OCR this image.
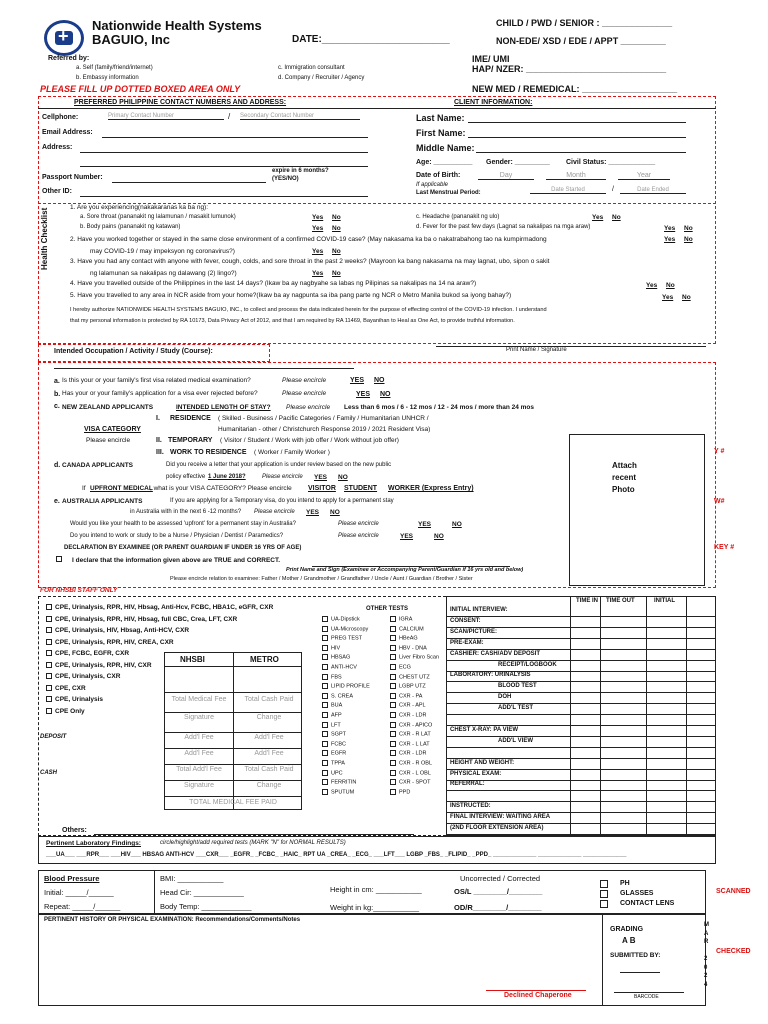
+
Nationwide Health Systems
BAGUIO, Inc	DATE:_______________________
CHILD / PWD / SENIOR : ______________
NON-EDE/ XSD / EDE / APPT _________
IME/ UMI
HAP/ NZER: ____________________________
NEW MED / REMEDICAL: ___________________
Referred by:
a. Self (family/friend/internet)
b. Embassy information
c. Immigration consultant
d. Company / Recruiter / Agency
PLEASE FILL UP DOTTED BOXED AREA ONLY
PREFERRED PHILIPPINE CONTACT NUMBERS AND ADDRESS:	CLIENT INFORMATION:
Cellphone:	Primary Contact Number	/ Secondary Contact Number
Email Address:
Address:
Passport Number:
expire in 6 months?
(YES/NO)
Other ID:
Last Name:
First Name:
Middle Name:
Age: __________ Gender: _________ Civil Status: ____________
Date of Birth:	Day	Month	Year
If applicable
Last Menstrual Period:	Date Started	/	Date Ended
Health Checklist
1. Are you experiencing(nakakaranas ka ba ng):
a. Sore throat (pananakit ng lalamunan / masakit lumunok)	Yes No	c. Headache (pananakit ng ulo)	Yes No
b. Body pains (pananakit ng katawan)	Yes No	d. Fever for the past few days (Lagnat sa nakalipas na mga araw)	Yes No
2. Have you worked together or stayed in the same close environment of a confirmed COVID-19 case? (May nakasama ka ba o nakatrabahong tao na kumpirmadong	Yes No
may COVID-19 / may impeksyon ng coronavirus?)	Yes No
3. Have you had any contact with anyone with fever, cough, colds, and sore throat in the past 2 weeks? (Mayroon ka bang nakasama na may lagnat, ubo, sipon o sakit
ng lalamunan sa nakalipas ng dalawang (2) lingo?)	Yes No
4. Have you travelled outside of the Philippines in the last 14 days? (Ikaw ba ay nagbyahe sa labas ng Pilipinas sa nakalipas na 14 na araw?)	Yes No
5. Have you travelled to any area in NCR aside from your home?(Ikaw ba ay nagpunta sa iba pang parte ng NCR o Metro Manila bukod sa iyong bahay?)	Yes No
I hereby authorize NATIONWIDE HEALTH SYSTEMS BAGUIO, INC., to collect and process the data indicated herein for the purpose of effecting control of the COVID-19 infection. I understand
that my personal information is protected by RA 10173, Data Privacy Act of 2012, and that I am required by RA 11469, Bayanihan to Heal as One Act, to provide truthful information.
Print Name / Signature
Intended Occupation / Activity / Study (Course):
a. Is this your or your family's first visa related medical examination?	Please encircle	YES NO
b. Has your or your family's application for a visa ever rejected before?	Please encircle	YES NO
c. NEW ZEALAND APPLICANTS	INTENDED LENGTH OF STAY? Please encircle Less than 6 mos / 6 - 12 mos / 12 - 24 mos / more than 24 mos
I. RESIDENCE ( Skilled - Business / Pacific Categories / Family / Humanitarian UNHCR /
Humanitarian - other / Christchurch Response 2019 / 2021 Resident Visa)
VISA CATEGORY
Please encircle	II. TEMPORARY ( Visitor / Student / Work with job offer / Work without job offer)
III. WORK TO RESIDENCE ( Worker / Family Worker )
d. CANADA APPLICANTS	Did you receive a letter that your application is under review based on the new public
policy effective 1 June 2018?	Please encircle YES NO
If UPFRONT MEDICAL
, what is your VISA CATEGORY? Please encircle VISITOR STUDENT WORKER (Express Entry)
e. AUSTRALIA APPLICANTS	If you are applying for a Temporary visa, do you intend to apply for a permanent stay
in Australia with in the next 6 -12 months? Please encircle YES NO
Would you like your health to be assessed 'upfront' for a permanent stay in Australia?	Please encircle	YES	NO
Do you intend to work or study to be a Nurse / Physician / Dentist / Paramedics?	Please encircle	YES	NO
DECLARATION BY EXAMINEE (OR PARENT GUARDIAN IF UNDER 16 YRS OF AGE)
I declare that the information given above are TRUE and CORRECT.
Print Name and Sign (Examinee or Accompanying Parent/Guardian if 16 yrs old and below)
Please encircle relation to examinee: Father / Mother / Grandmother / Grandfather / Uncle / Aunt / Guardian / Brother / Sister
Attach
recent
Photo
Y #
W#
KEY #
FOR NHSBI STAFF ONLY
CPE, Urinalysis, RPR, HIV, Hbsag, Anti-Hcv, FCBC, HBA1C, eGFR, CXR
CPE, Urinalysis, RPR, HIV, Hbsag, full CBC, Crea, LFT, CXR
CPE, Urinalysis, HIV, Hbsag, Anti-HCV, CXR
CPE, Urinalysis, RPR, HIV, CREA, CXR
CPE, FCBC, EGFR, CXR
CPE, Urinalysis, RPR, HIV, CXR
CPE, Urinalysis, CXR
CPE, CXR
CPE, Urinalysis
CPE Only
OTHER TESTS
UA-Dipstick
UA-Microscopy
PREG TEST
HIV
HBSAG
ANTI-HCV
FBS
LIPID PROFILE
S. CREA
BUA
AFP
LFT
SGPT
FCBC
EGFR
TPPA
UPC
FERRITIN
SPUTUM
IGRA
CALCIUM
HBeAG
HBV - DNA
Liver Fibro Scan
ECG
CHEST UTZ
LGBP UTZ
CXR - PA
CXR - APL
CXR - LDR
CXR - APICO
CXR - R LAT
CXR - L LAT
CXR - LDR
CXR - R OBL
CXR - L OBL
CXR - SPOT
PPD
NHSBI	METRO
Total Medical Fee	Total Cash Paid
Signature	Change
Add'l Fee	Add'l Fee
Add'l Fee	Add'l Fee
Total Add'l Fee	Total Cash Paid
Signature	Change
TOTAL MEDICAL FEE PAID
DEPOSIT
CASH
Others:
TIME IN TIME OUT	INITIAL
INITIAL INTERVIEW:
CONSENT:
SCAN/PICTURE:
PRE-EXAM:
CASHIER: CASH/ADV DEPOSIT
RECEIPT/LOGBOOK
LABORATORY: URINALYSIS
BLOOD TEST
DOH
ADD'L TEST
CHEST X-RAY: PA VIEW
ADD'L VIEW
HEIGHT AND WEIGHT:
PHYSICAL EXAM:
REFERRAL:
INSTRUCTED:
FINAL INTERVIEW: WAITING AREA
(2ND FLOOR EXTENSION AREA)
Pertinent Laboratory Findings:	circle/highlight/add required tests (MARK "N" for NORMAL RESULTS)
___UA___ ___RPR___ ___HIV___ HBSAG ANTI-HCV ___CXR___ _EGFR_ _FCBC_ _HAIC_ RPT UA _CREA_ _ECG_ ___LFT___ LGBP _FBS_ _FLIPID_ _PPD_ _____________ _____________ _____________
Blood Pressure
Initial: _____/______
Repeat: _____/______
BMI: ___________
Head Cir: ____________
Body Temp: ____________
Height in cm: ___________
Weight in kg:___________
Uncorrected / Corrected
OS/L ________/________
OD/R________/________
PH
GLASSES
CONTACT LENS
SCANNED
PERTINENT HISTORY OR PHYSICAL EXAMINATION: Recommendations/Comments/Notes
GRADING
A B
SUBMITTED BY:
BARCODE
M
A
R
2
0
2
4
CHECKED
Declined Chaperone
